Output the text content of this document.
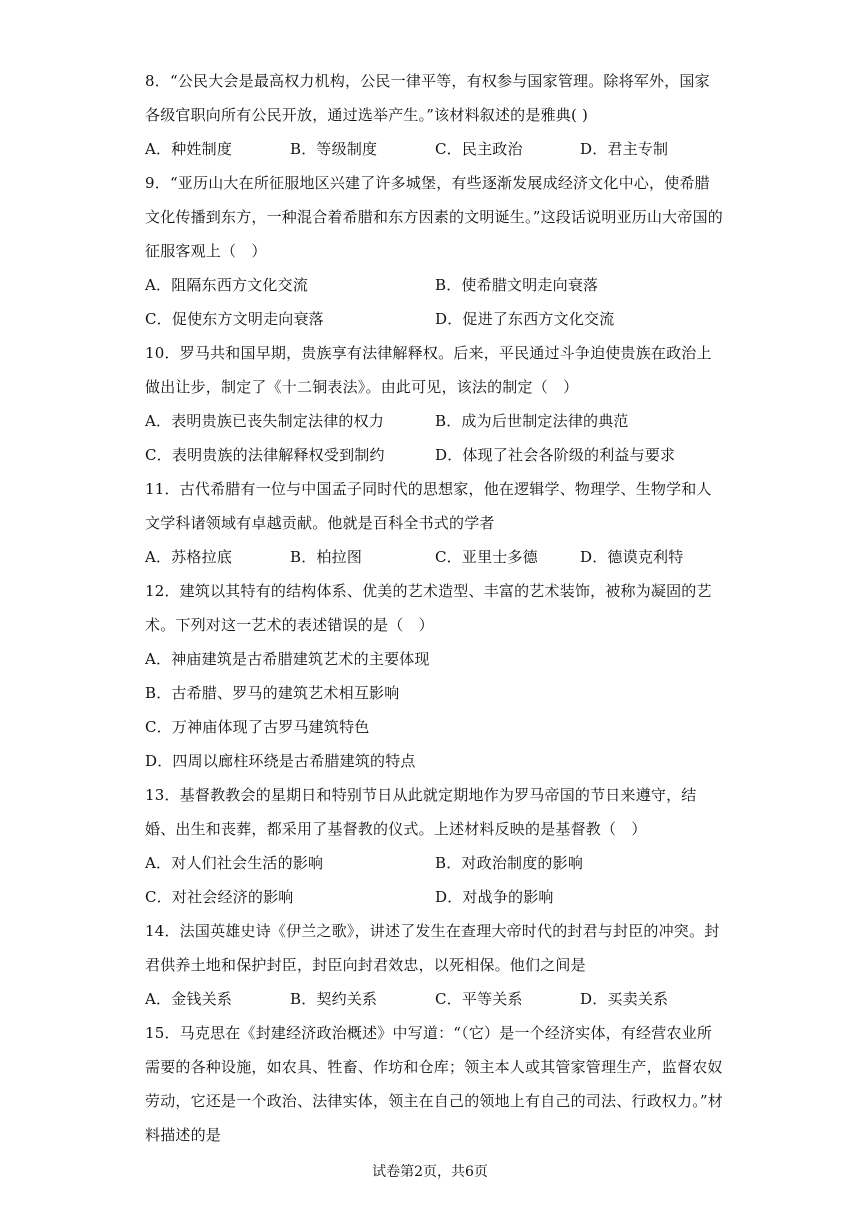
8．“公民大会是最高权力机构，公民一律平等，有权参与国家管理。除将军外，国家各级官职向所有公民开放，通过选举产生。”该材料叙述的是雅典( )

A．种姓制度	B．等级制度	C．民主政治	D．君主专制

9．“亚历山大在所征服地区兴建了许多城堡，有些逐渐发展成经济文化中心，使希腊文化传播到东方，一种混合着希腊和东方因素的文明诞生。”这段话说明亚历山大帝国的征服客观上（　）

A．阻隔东西方文化交流	B．使希腊文明走向衰落
C．促使东方文明走向衰落	D．促进了东西方文化交流

10．罗马共和国早期，贵族享有法律解释权。后来，平民通过斗争迫使贵族在政治上做出让步，制定了《十二铜表法》。由此可见，该法的制定（　）

A．表明贵族已丧失制定法律的权力	B．成为后世制定法律的典范
C．表明贵族的法律解释权受到制约	D．体现了社会各阶级的利益与要求

11．古代希腊有一位与中国孟子同时代的思想家，他在逻辑学、物理学、生物学和人文学科诸领域有卓越贡献。他就是百科全书式的学者

A．苏格拉底	B．柏拉图	C．亚里士多德	D．德谟克利特

12．建筑以其特有的结构体系、优美的艺术造型、丰富的艺术装饰，被称为凝固的艺术。下列对这一艺术的表述错误的是（　）

A．神庙建筑是古希腊建筑艺术的主要体现
B．古希腊、罗马的建筑艺术相互影响
C．万神庙体现了古罗马建筑特色
D．四周以廊柱环绕是古希腊建筑的特点

13．基督教教会的星期日和特别节日从此就定期地作为罗马帝国的节日来遵守，结婚、出生和丧葬，都采用了基督教的仪式。上述材料反映的是基督教（　）

A．对人们社会生活的影响	B．对政治制度的影响
C．对社会经济的影响	D．对战争的影响

14．法国英雄史诗《伊兰之歌》，讲述了发生在查理大帝时代的封君与封臣的冲突。封君供养土地和保护封臣，封臣向封君效忠，以死相保。他们之间是

A．金钱关系	B．契约关系	C．平等关系	D．买卖关系

15．马克思在《封建经济政治概述》中写道：“（它）是一个经济实体，有经营农业所需要的各种设施，如农具、牲畜、作坊和仓库；领主本人或其管家管理生产，监督农奴劳动，它还是一个政治、法律实体，领主在自己的领地上有自己的司法、行政权力。”材料描述的是

试卷第2页，共6页
